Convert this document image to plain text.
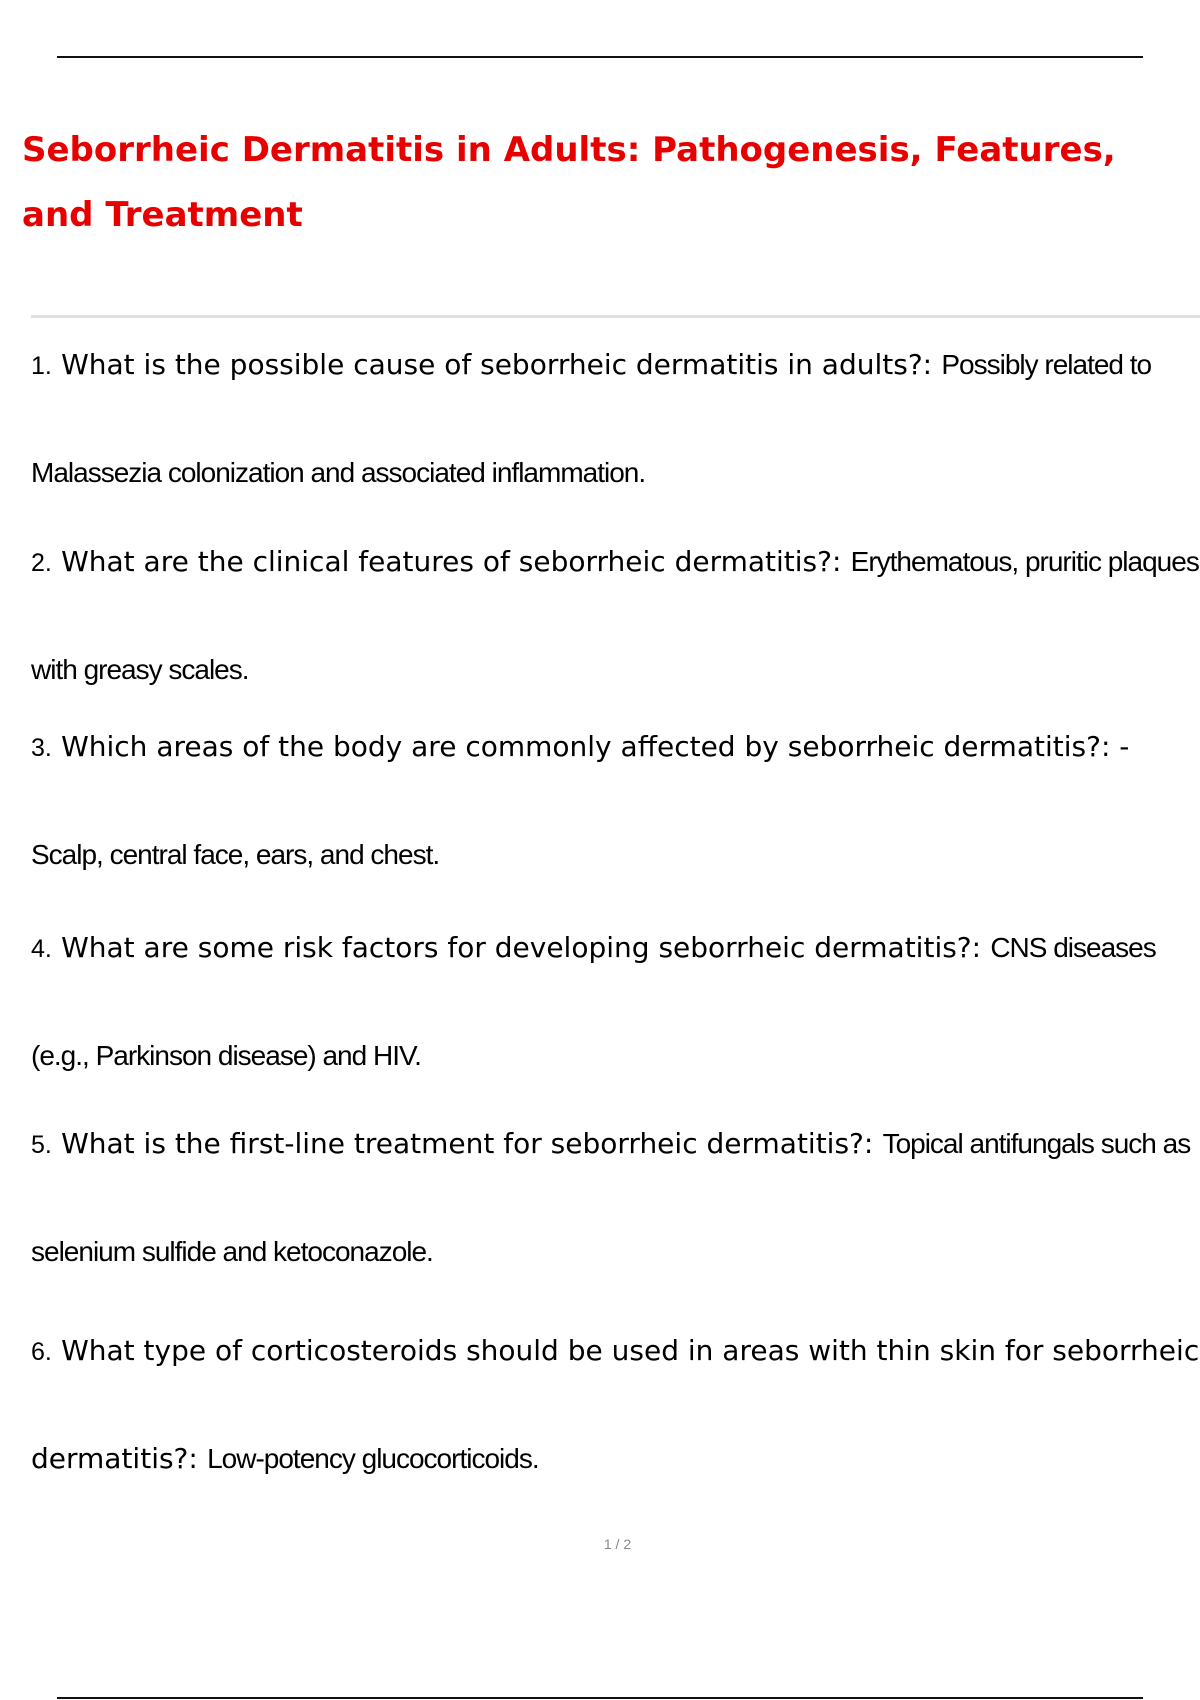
Seborrheic Dermatitis in Adults: Pathogenesis, Features, and Treatment

1. What is the possible cause of seborrheic dermatitis in adults?: Possibly related to Malassezia colonization and associated inflammation.

2. What are the clinical features of seborrheic dermatitis?: Erythematous, pruritic plaques with greasy scales.

3. Which areas of the body are commonly affected by seborrheic dermatitis?: - Scalp, central face, ears, and chest.

4. What are some risk factors for developing seborrheic dermatitis?: CNS diseases (e.g., Parkinson disease) and HIV.

5. What is the first-line treatment for seborrheic dermatitis?: Topical antifungals such as selenium sulfide and ketoconazole.

6. What type of corticosteroids should be used in areas with thin skin for seborrheic dermatitis?: Low-potency glucocorticoids.

1 / 2
